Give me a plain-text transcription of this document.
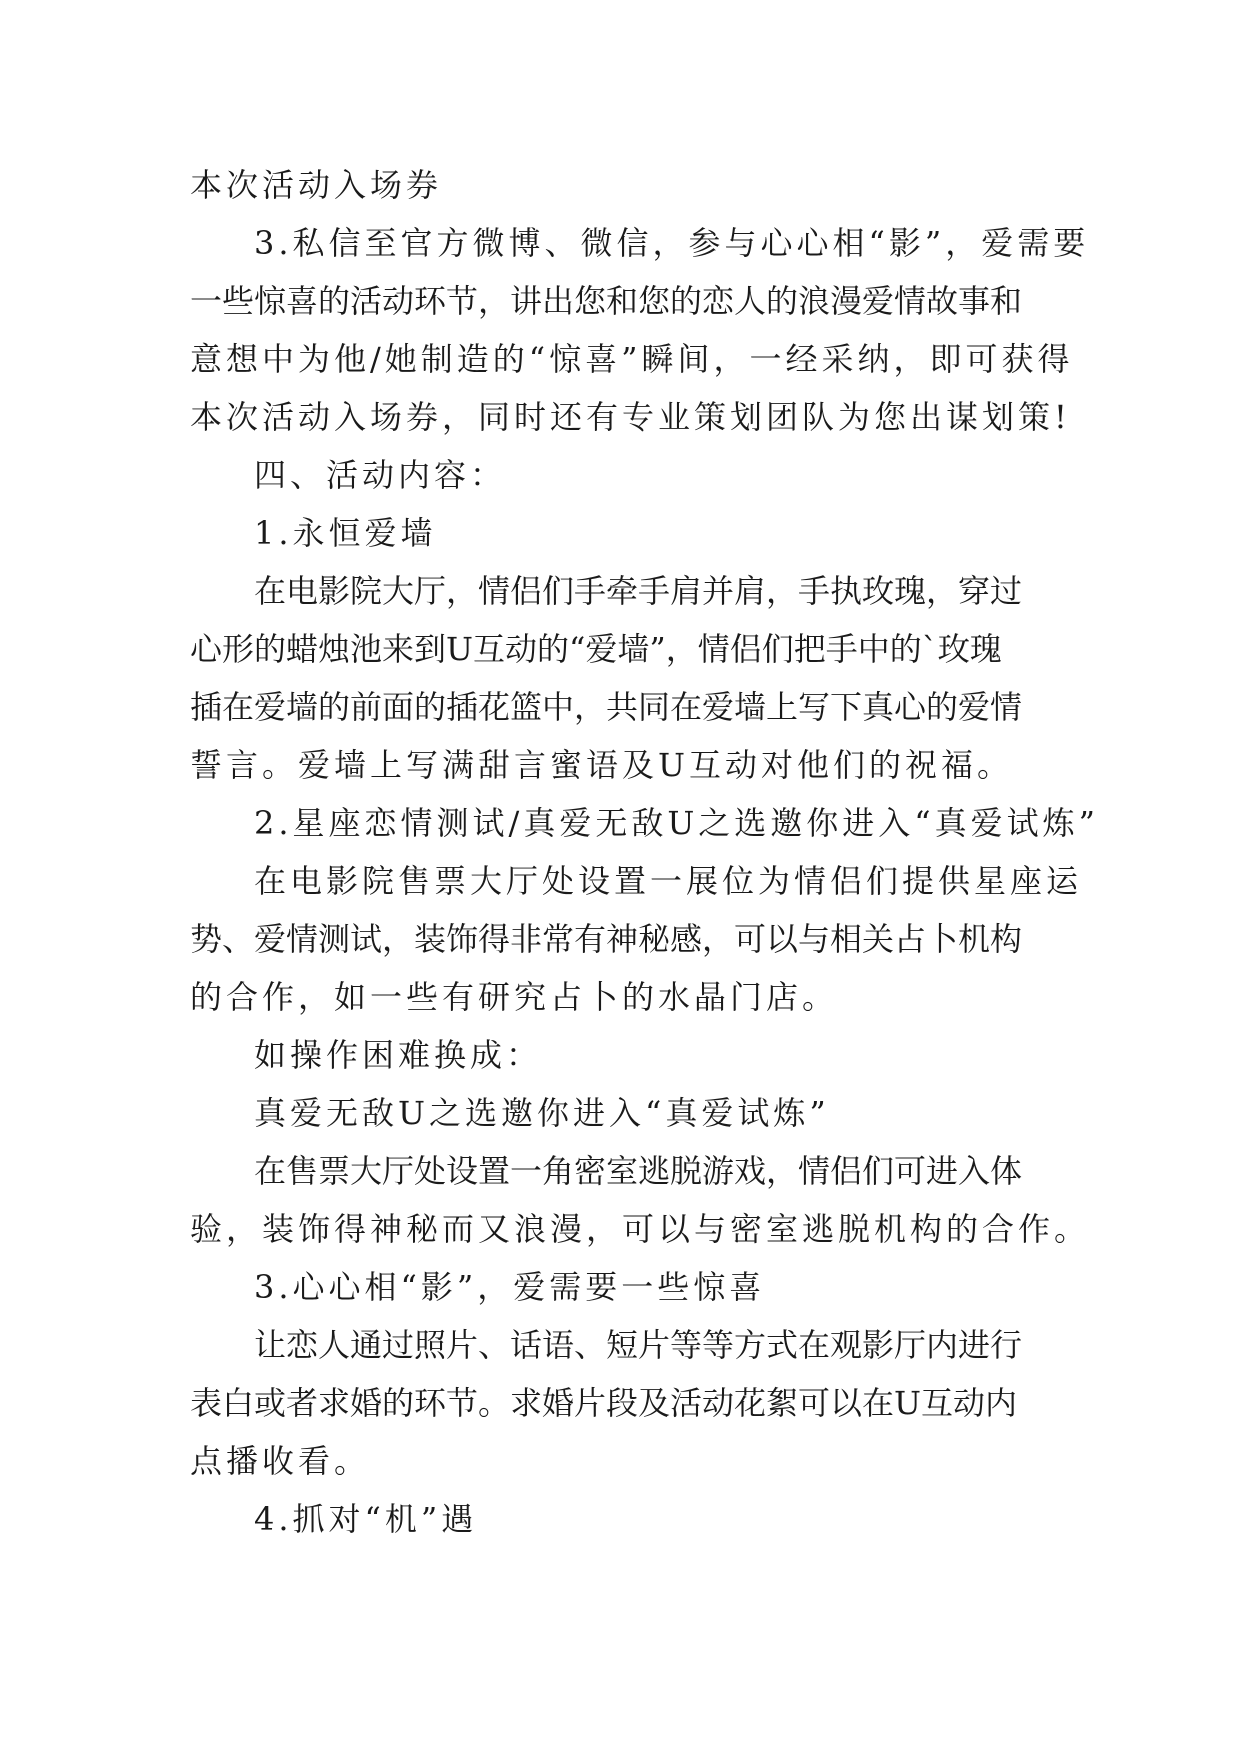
本次活动入场券
3.私信至官方微博、微信，参与心心相“影”，爱需要
一些惊喜的活动环节，讲出您和您的恋人的浪漫爱情故事和
意想中为他/她制造的“惊喜”瞬间，一经采纳，即可获得
本次活动入场券，同时还有专业策划团队为您出谋划策!
四、活动内容：
1.永恒爱墙
在电影院大厅，情侣们手牵手肩并肩，手执玫瑰，穿过
心形的蜡烛池来到U互动的“爱墙”，情侣们把手中的`玫瑰
插在爱墙的前面的插花篮中，共同在爱墙上写下真心的爱情
誓言。爱墙上写满甜言蜜语及U互动对他们的祝福。
2.星座恋情测试/真爱无敌U之选邀你进入“真爱试炼”
在电影院售票大厅处设置一展位为情侣们提供星座运
势、爱情测试，装饰得非常有神秘感，可以与相关占卜机构
的合作，如一些有研究占卜的水晶门店。
如操作困难换成：
真爱无敌U之选邀你进入“真爱试炼”
在售票大厅处设置一角密室逃脱游戏，情侣们可进入体
验，装饰得神秘而又浪漫，可以与密室逃脱机构的合作。
3.心心相“影”，爱需要一些惊喜
让恋人通过照片、话语、短片等等方式在观影厅内进行
表白或者求婚的环节。求婚片段及活动花絮可以在U互动内
点播收看。
4.抓对“机”遇
